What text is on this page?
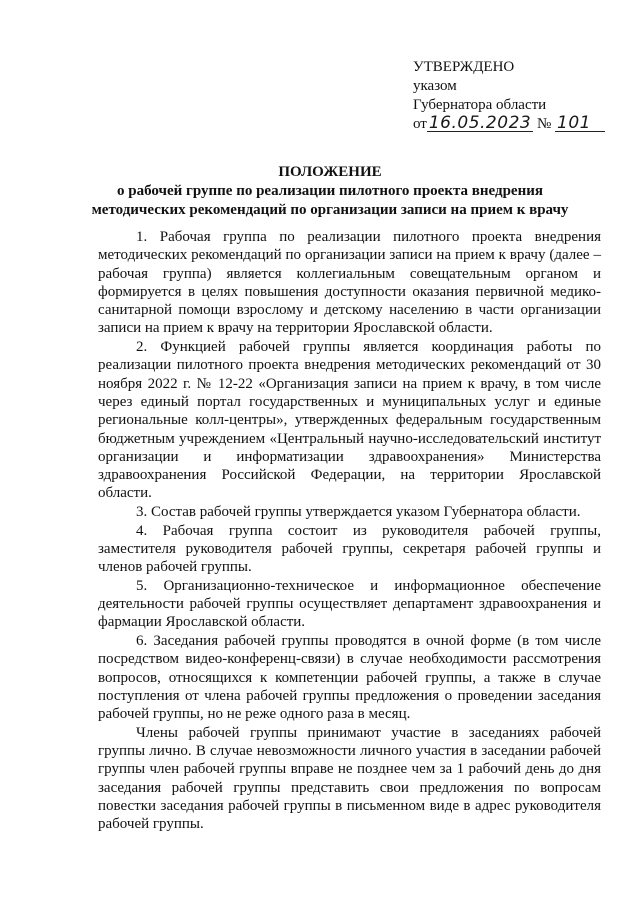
УТВЕРЖДЕНО
указом
Губернатора области
от 16.05.2023 № 101
ПОЛОЖЕНИЕ
о рабочей группе по реализации пилотного проекта внедрения
методических рекомендаций по организации записи на прием к врачу

1. Рабочая группа по реализации пилотного проекта внедрения методических рекомендаций по организации записи на прием к врачу (далее – рабочая группа) является коллегиальным совещательным органом и формируется в целях повышения доступности оказания первичной медико-санитарной помощи взрослому и детскому населению в части организации записи на прием к врачу на территории Ярославской области.

2. Функцией рабочей группы является координация работы по реализации пилотного проекта внедрения методических рекомендаций от 30 ноября 2022 г. № 12-22 «Организация записи на прием к врачу, в том числе через единый портал государственных и муниципальных услуг и единые региональные колл-центры», утвержденных федеральным государственным бюджетным учреждением «Центральный научно-исследовательский институт организации и информатизации здравоохранения» Министерства здравоохранения Российской Федерации, на территории Ярославской области.

3. Состав рабочей группы утверждается указом Губернатора области.

4. Рабочая группа состоит из руководителя рабочей группы, заместителя руководителя рабочей группы, секретаря рабочей группы и членов рабочей группы.

5. Организационно-техническое и информационное обеспечение деятельности рабочей группы осуществляет департамент здравоохранения и фармации Ярославской области.

6. Заседания рабочей группы проводятся в очной форме (в том числе посредством видео-конференц-связи) в случае необходимости рассмотрения вопросов, относящихся к компетенции рабочей группы, а также в случае поступления от члена рабочей группы предложения о проведении заседания рабочей группы, но не реже одного раза в месяц.

Члены рабочей группы принимают участие в заседаниях рабочей группы лично. В случае невозможности личного участия в заседании рабочей группы член рабочей группы вправе не позднее чем за 1 рабочий день до дня заседания рабочей группы представить свои предложения по вопросам повестки заседания рабочей группы в письменном виде в адрес руководителя рабочей группы.
